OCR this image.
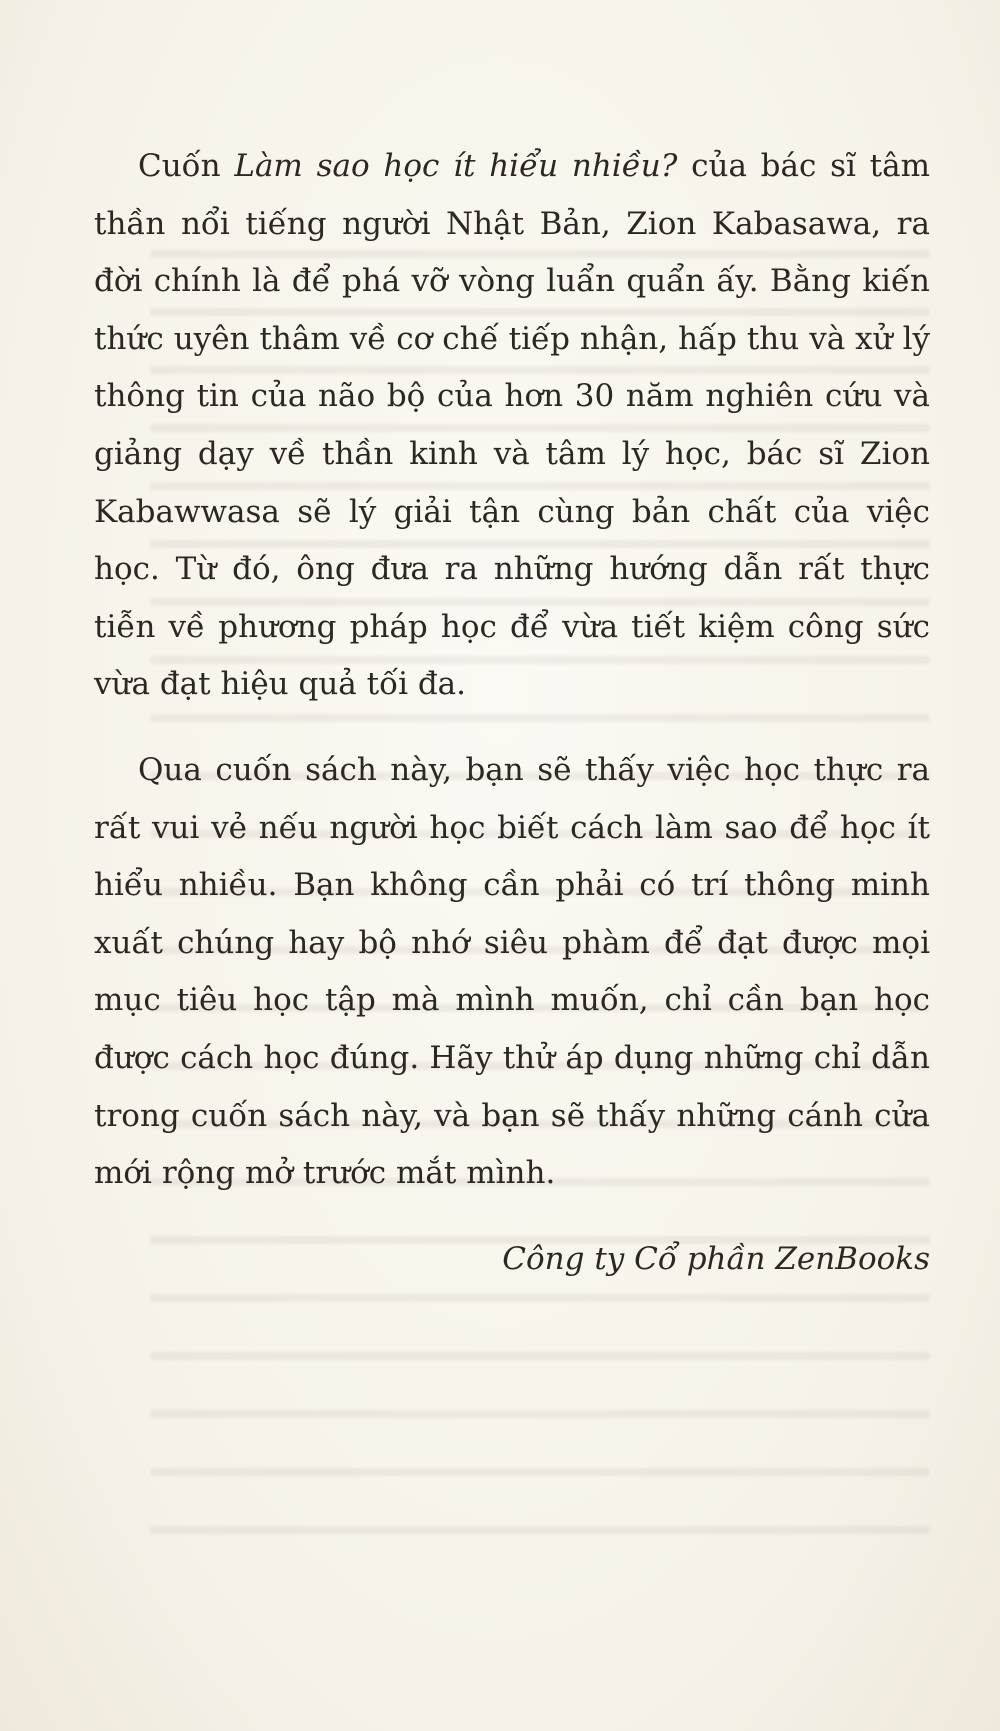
Cuốn Làm sao học ít hiểu nhiều? của bác sĩ tâm thần nổi tiếng người Nhật Bản, Zion Kabasawa, ra đời chính là để phá vỡ vòng luẩn quẩn ấy. Bằng kiến thức uyên thâm về cơ chế tiếp nhận, hấp thu và xử lý thông tin của não bộ của hơn 30 năm nghiên cứu và giảng dạy về thần kinh và tâm lý học, bác sĩ Zion Kabawwasa sẽ lý giải tận cùng bản chất của việc học. Từ đó, ông đưa ra những hướng dẫn rất thực tiễn về phương pháp học để vừa tiết kiệm công sức vừa đạt hiệu quả tối đa.

Qua cuốn sách này, bạn sẽ thấy việc học thực ra rất vui vẻ nếu người học biết cách làm sao để học ít hiểu nhiều. Bạn không cần phải có trí thông minh xuất chúng hay bộ nhớ siêu phàm để đạt được mọi mục tiêu học tập mà mình muốn, chỉ cần bạn học được cách học đúng. Hãy thử áp dụng những chỉ dẫn trong cuốn sách này, và bạn sẽ thấy những cánh cửa mới rộng mở trước mắt mình.

Công ty Cổ phần ZenBooks
